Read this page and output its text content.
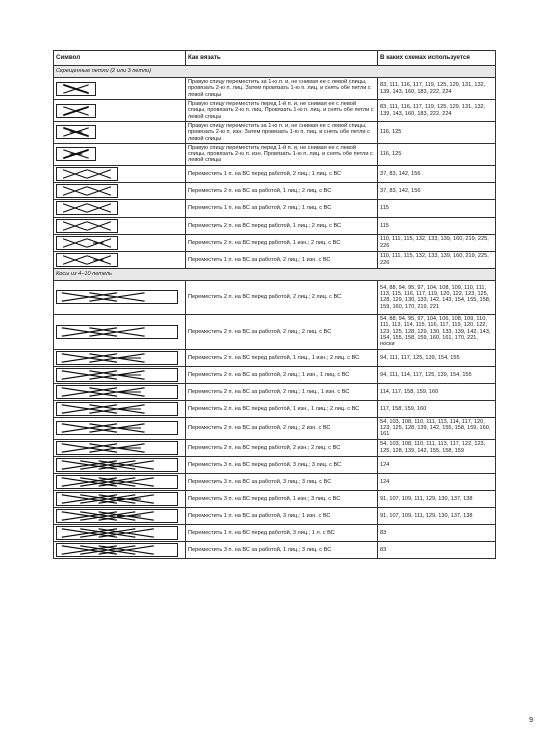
Символ	Как вязать	В каких схемах используется
Скрещенные петли (2 или 3 петли)		

	Правую спицу переместить за 1-ю п. и, не снимая ее с левой спицы, провязать 2-ю п. лиц. Затем провязать 1-ю п. лиц. и снять обе петли с левой спицы	83, 111, 116, 117, 119, 125, 129, 131, 132, 139, 143, 160, 183, 222, 224

	Правую спицу переместить перед 1-й п. и, не снимая ее с левой спицы, провязать 2-ю п. лиц. Провязать 1-ю п. лиц. и снять обе петли с левой спицы	83, 111, 116, 117, 119, 125, 129, 131, 132, 139, 143, 160, 183, 222, 224

	Правую спицу переместить за 1-ю п. и, не снимая ее с левой спицы, провязать 2-ю п. изн. Затем провязать 1-ю п. лиц. и снять обе петли с левой спицы	116, 125

	Правую спицу переместить перед 1-й п. и, не снимая ее с левой спицы, провязать 2-ю п. изн. Провязать 1-ю п. лиц. и снять обе петли с левой спицы	116, 125

	Переместить 1 п. на ВС перед работой, 2 лиц.; 1 лиц. с ВС	37, 83, 142, 156

	Переместить 2 п. на ВС за работой, 1 лиц.; 2 лиц. с ВС	37, 83, 142, 156

	Переместить 1 п. на ВС за работой, 2 лиц.; 1 лиц. с ВС	115

	Переместить 2 п. на ВС перед работой, 1 лиц.; 2 лиц. с ВС	115

	Переместить 2 п. на ВС перед работой, 1 изн.; 2 лиц. с ВС	110, 111, 115, 132, 133, 139, 160, 219, 225, 226

	Переместить 1 п. на ВС за работой, 2 лиц.; 1 изн. с ВС	110, 111, 115, 132, 133, 139, 160, 219, 225, 226
Косы из 4–10 петель		

	Переместить 2 п. на ВС перед работой, 2 лиц.; 2 лиц. с ВС	54, 88, 94, 95, 97, 104, 108, 109, 110, 111, 113, 115, 116, 117, 119, 120, 122, 123, 125, 128, 129, 130, 133, 142, 143, 154, 155, 158, 159, 160, 170, 219, 221

	Переместить 2 п. на ВС за работой, 2 лиц.; 2 лиц. с ВС	54, 88, 94, 95, 97, 104, 106, 108, 109, 110, 111, 113, 114, 115, 116, 117, 119, 120, 122, 123, 125, 128, 129, 130, 133, 139, 142, 143, 154, 155, 158, 159, 160, 161, 170, 221, носки

	Переместить 2 п. на ВС перед работой, 1 лиц., 1 изн.; 2 лиц. с ВС	94, 111, 117, 125, 139, 154, 155

	Переместить 2 п. на ВС за работой, 2 лиц.; 1 изн., 1 лиц. с ВС	94, 111, 114, 117, 125, 139, 154, 155

	Переместить 2 п. на ВС за работой, 2 лиц.; 1 лиц., 1 изн. с ВС	114, 117, 158, 159, 160

	Переместить 2 п. на ВС перед работой, 1 изн., 1 лиц.; 2 лиц. с ВС	117, 158, 159, 160

	Переместить 2 п. на ВС за работой, 2 лиц.; 2 изн. с ВС	54, 103, 108, 110, 111, 113, 114, 117, 120, 123, 125, 128, 139, 142, 155, 158, 159, 160, 161

	Переместить 2 п. на ВС перед работой, 2 изн.; 2 лиц. с ВС	54, 103, 108, 110, 111, 113, 117, 122, 123, 125, 128, 139, 142, 155, 158, 159

	Переместить 3 п. на ВС перед работой, 3 лиц.; 3 лиц. с ВС	124

	Переместить 3 п. на ВС за работой, 3 лиц.; 3 лиц. с ВС	124

	Переместить 3 п. на ВС перед работой, 1 изн.; 3 лиц. с ВС	91, 107, 109, 111, 129, 130, 137, 138

	Переместить 1 п. на ВС за работой, 3 лиц.; 1 изн. с ВС	91, 107, 109, 111, 129, 130, 137, 138

	Переместить 1 п. на ВС перед работой, 3 лиц.; 1 л. с ВС	83

	Переместить 3 п. на ВС за работой, 1 лиц.; 3 лиц. с ВС	83
9
